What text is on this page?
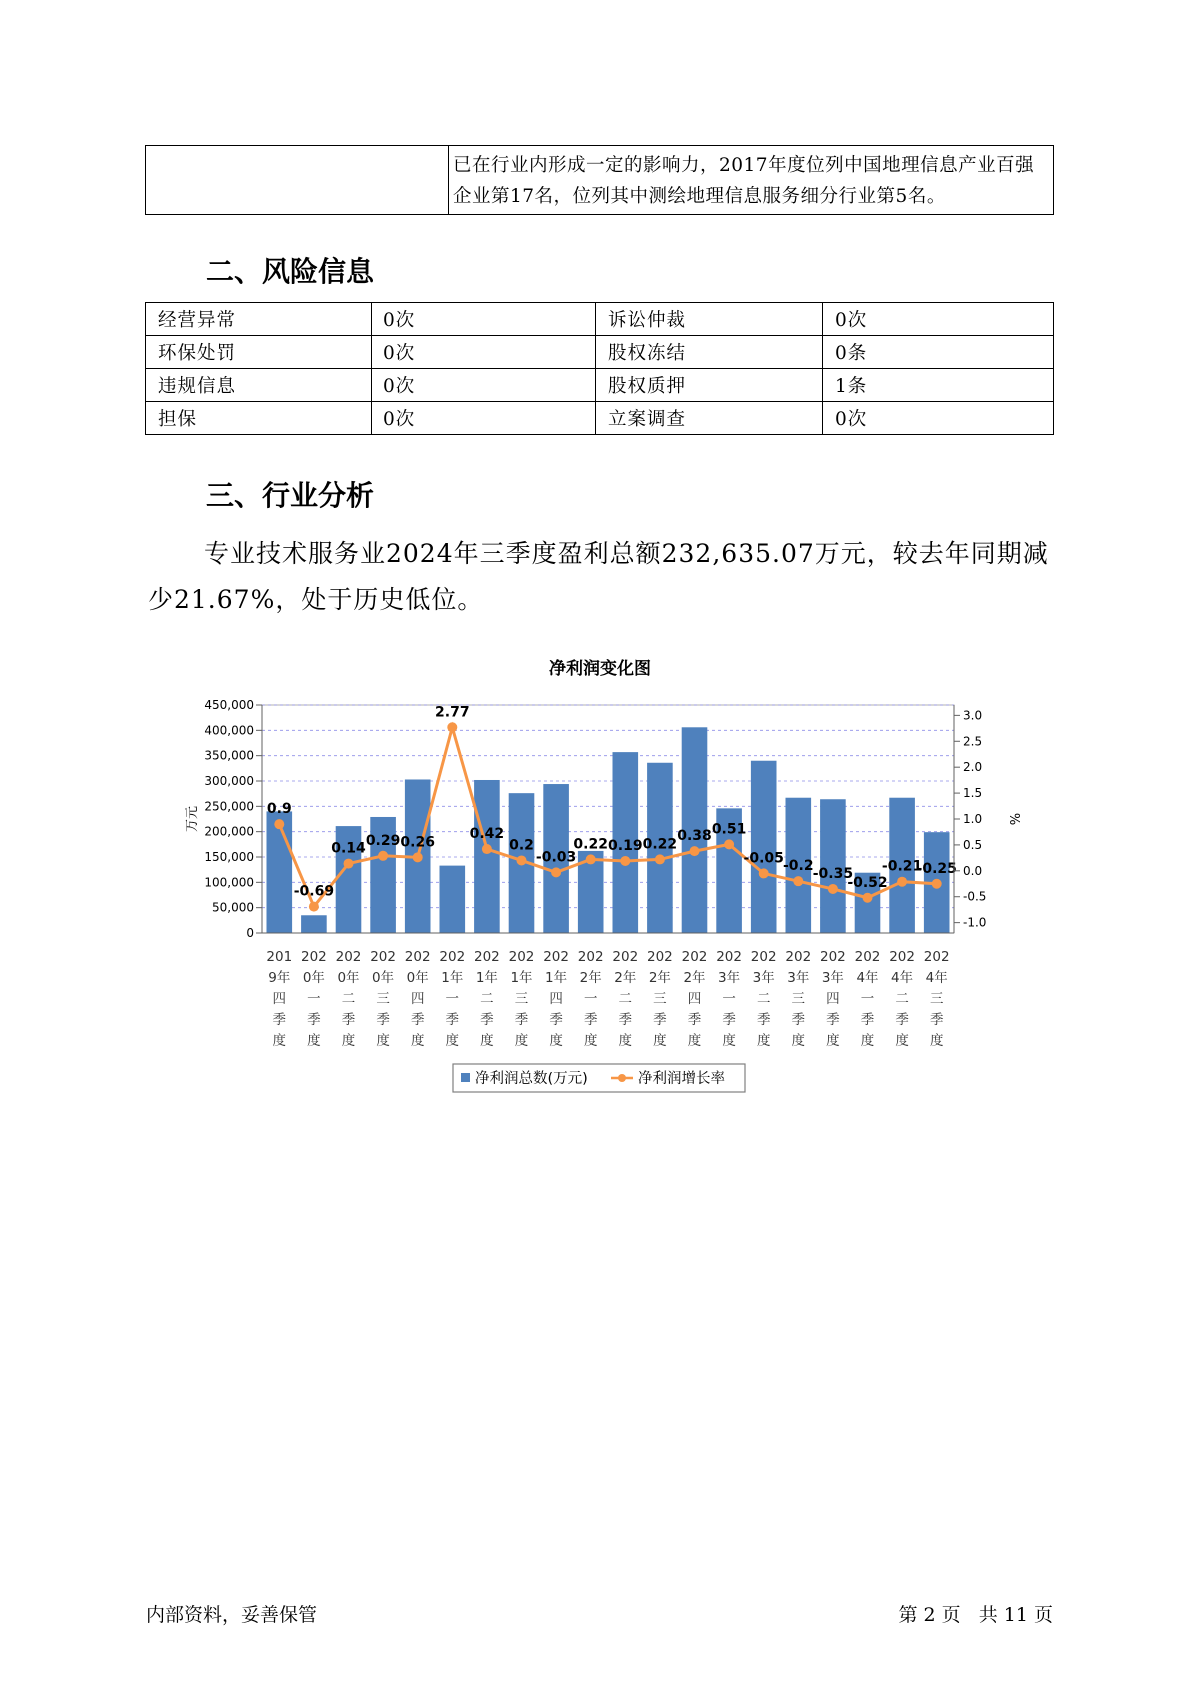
	已在行业内形成一定的影响力，2017年度位列中国地理信息产业百强企业第17名，位列其中测绘地理信息服务细分行业第5名。
二、风险信息
经营异常	0次	诉讼仲裁	0次
环保处罚	0次	股权冻结	0条
违规信息	0次	股权质押	1条
担保	0次	立案调查	0次
三、行业分析
专业技术服务业2024年三季度盈利总额232,635.07万元，较去年同期减少21.67%，处于历史低位。
净利润变化图
0.9
-0.69
0.14 0.29 0.26
2.77
0.42
0.2
-0.03
0.22 0.19 0.22
0.38 0.51
-0.05 -0.2 -0.35
-0.52
-0.21
-0.25
450,000
400,000
350,000
300,000
250,000
200,000
150,000
100,000
50,000
0
3.0
2.5
2.0
1.5
1.0
0.5
0.0
-0.5
-1.0
201 9年四季度
202 0年一季度
202 0年二季度
202 0年三季度
202 0年四季度
202 1年一季度
202 1年二季度
202 1年三季度
202 1年四季度
202 2年一季度
202 2年二季度
202 2年三季度
202 2年四季度
202 3年一季度
202 3年二季度
202 3年三季度
202 3年四季度
202 4年一季度
202 4年二季度
202 4年三季度
万元	%
净利润总数(万元)	净利润增长率
内部资料，妥善保管	第 2 页   共 11 页
